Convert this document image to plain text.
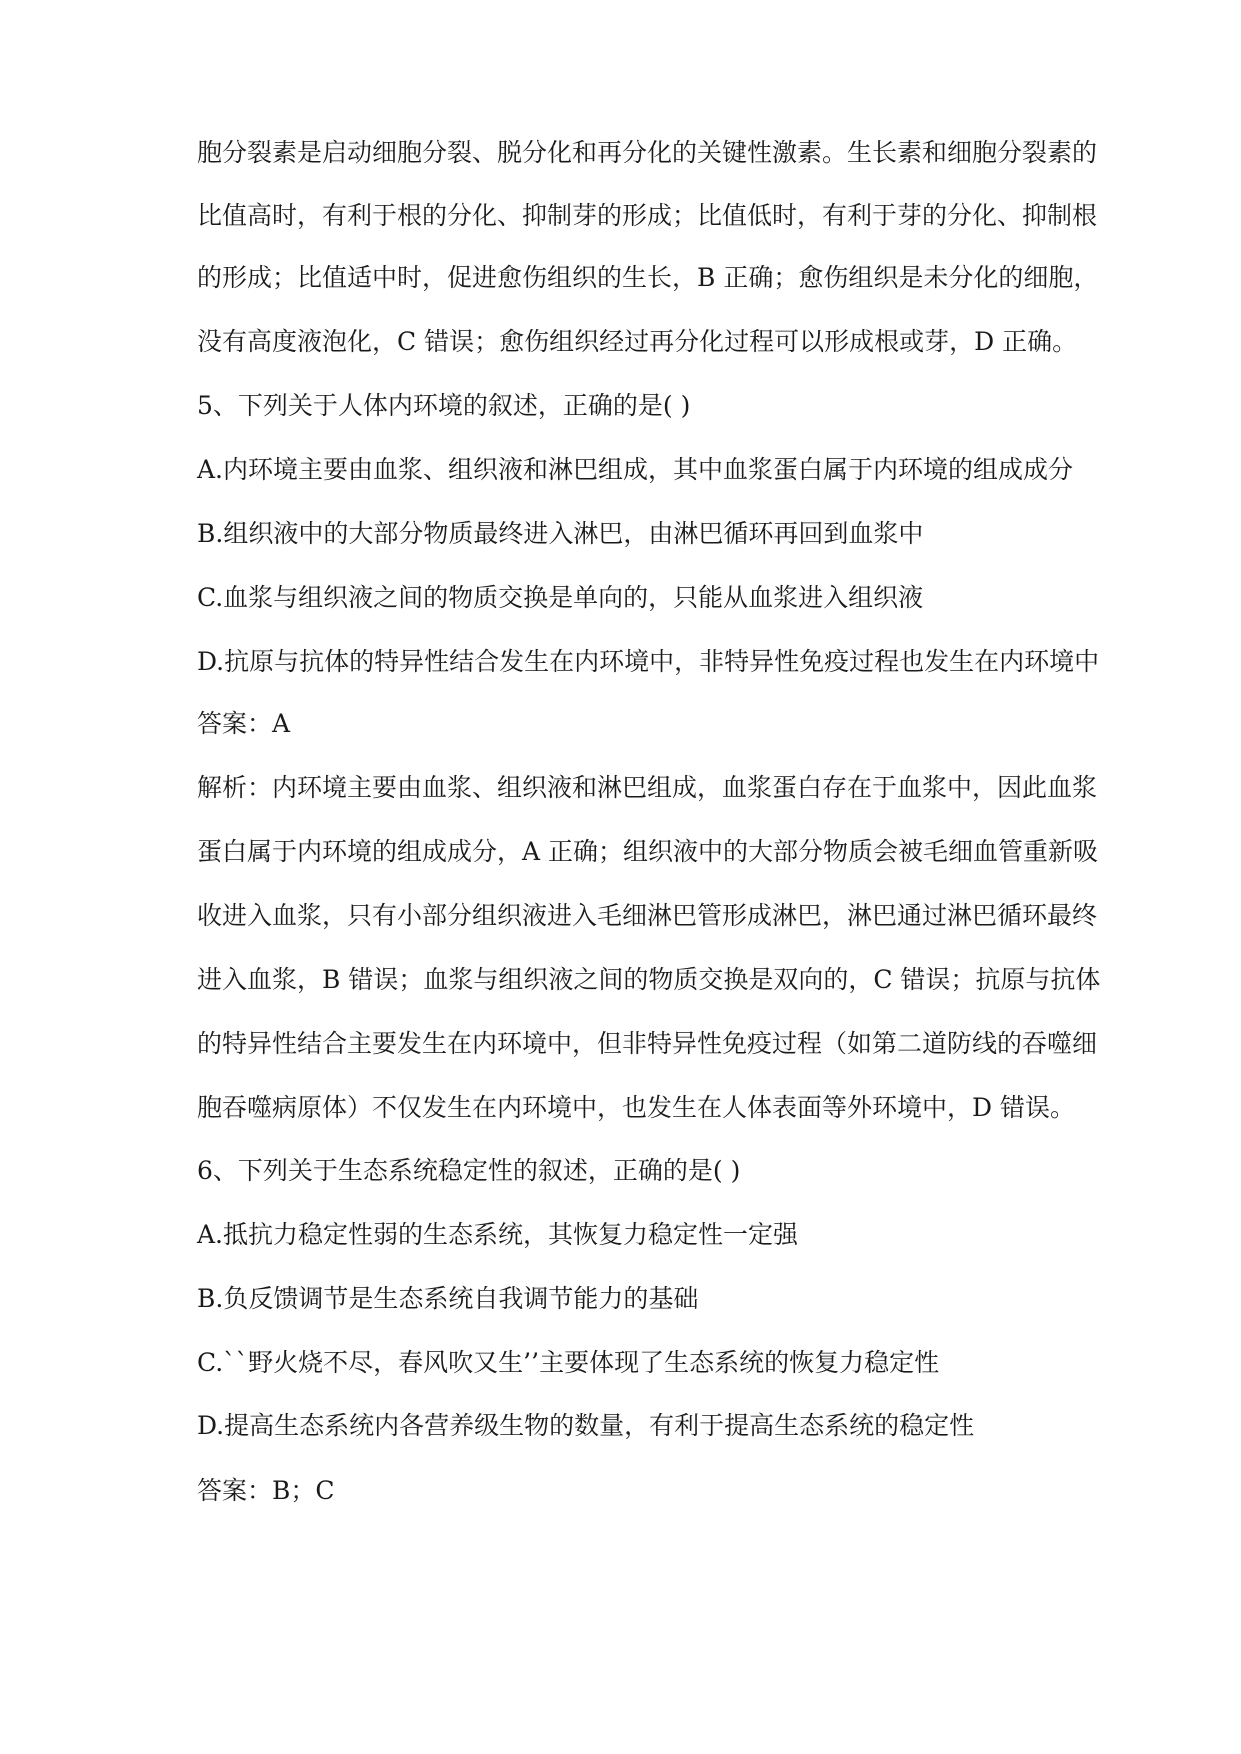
胞分裂素是启动细胞分裂、脱分化和再分化的关键性激素。生长素和细胞分裂素的
比值高时，有利于根的分化、抑制芽的形成；比值低时，有利于芽的分化、抑制根
的形成；比值适中时，促进愈伤组织的生长，B 正确；愈伤组织是未分化的细胞，
没有高度液泡化，C 错误；愈伤组织经过再分化过程可以形成根或芽，D 正确。
5、下列关于人体内环境的叙述，正确的是( )
A.内环境主要由血浆、组织液和淋巴组成，其中血浆蛋白属于内环境的组成成分
B.组织液中的大部分物质最终进入淋巴，由淋巴循环再回到血浆中
C.血浆与组织液之间的物质交换是单向的，只能从血浆进入组织液
D.抗原与抗体的特异性结合发生在内环境中，非特异性免疫过程也发生在内环境中
答案：A
解析：内环境主要由血浆、组织液和淋巴组成，血浆蛋白存在于血浆中，因此血浆
蛋白属于内环境的组成成分，A 正确；组织液中的大部分物质会被毛细血管重新吸
收进入血浆，只有小部分组织液进入毛细淋巴管形成淋巴，淋巴通过淋巴循环最终
进入血浆，B 错误；血浆与组织液之间的物质交换是双向的，C 错误；抗原与抗体
的特异性结合主要发生在内环境中，但非特异性免疫过程（如第二道防线的吞噬细
胞吞噬病原体）不仅发生在内环境中，也发生在人体表面等外环境中，D 错误。
6、下列关于生态系统稳定性的叙述，正确的是( )
A.抵抗力稳定性弱的生态系统，其恢复力稳定性一定强
B.负反馈调节是生态系统自我调节能力的基础
C.``野火烧不尽，春风吹又生’’主要体现了生态系统的恢复力稳定性
D.提高生态系统内各营养级生物的数量，有利于提高生态系统的稳定性
答案：B；C
